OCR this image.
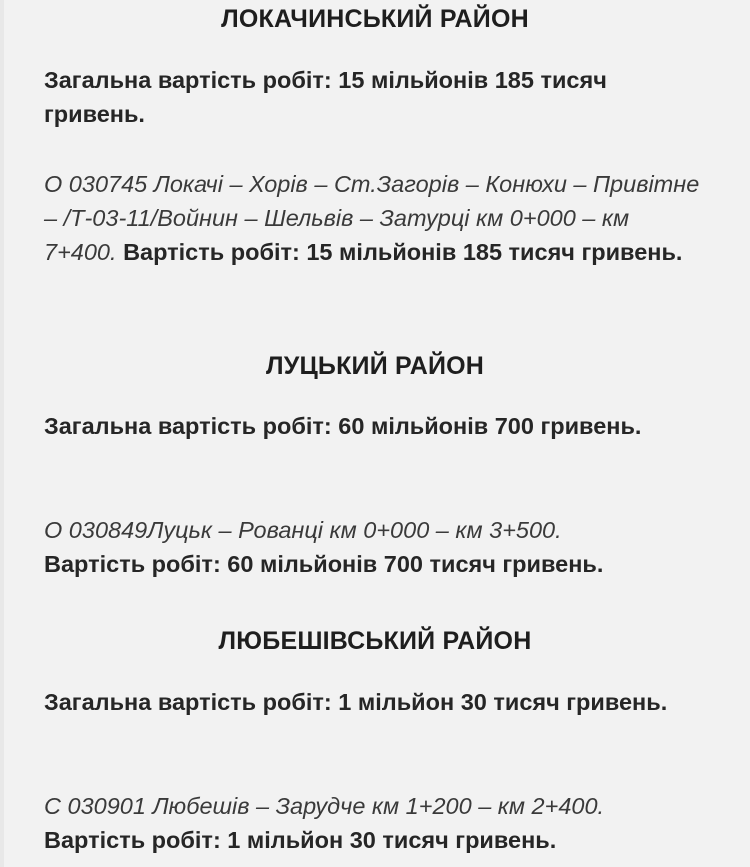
ЛОКАЧИНСЬКИЙ РАЙОН

Загальна вартість робіт: 15 мільйонів 185 тисяч гривень.

О 030745 Локачі – Хорів – Ст.Загорів – Конюхи – Привітне – /Т-03-11/Войнин – Шельвів – Затурці км 0+000 – км 7+400. Вартість робіт: 15 мільйонів 185 тисяч гривень.

ЛУЦЬКИЙ РАЙОН

Загальна вартість робіт: 60 мільйонів 700 гривень.

О 030849Луцьк – Рованці км 0+000 – км 3+500.
Вартість робіт: 60 мільйонів 700 тисяч гривень.

ЛЮБЕШІВСЬКИЙ РАЙОН

Загальна вартість робіт: 1 мільйон 30 тисяч гривень.

С 030901 Любешів – Зарудче км 1+200 – км 2+400.
Вартість робіт: 1 мільйон 30 тисяч гривень.
